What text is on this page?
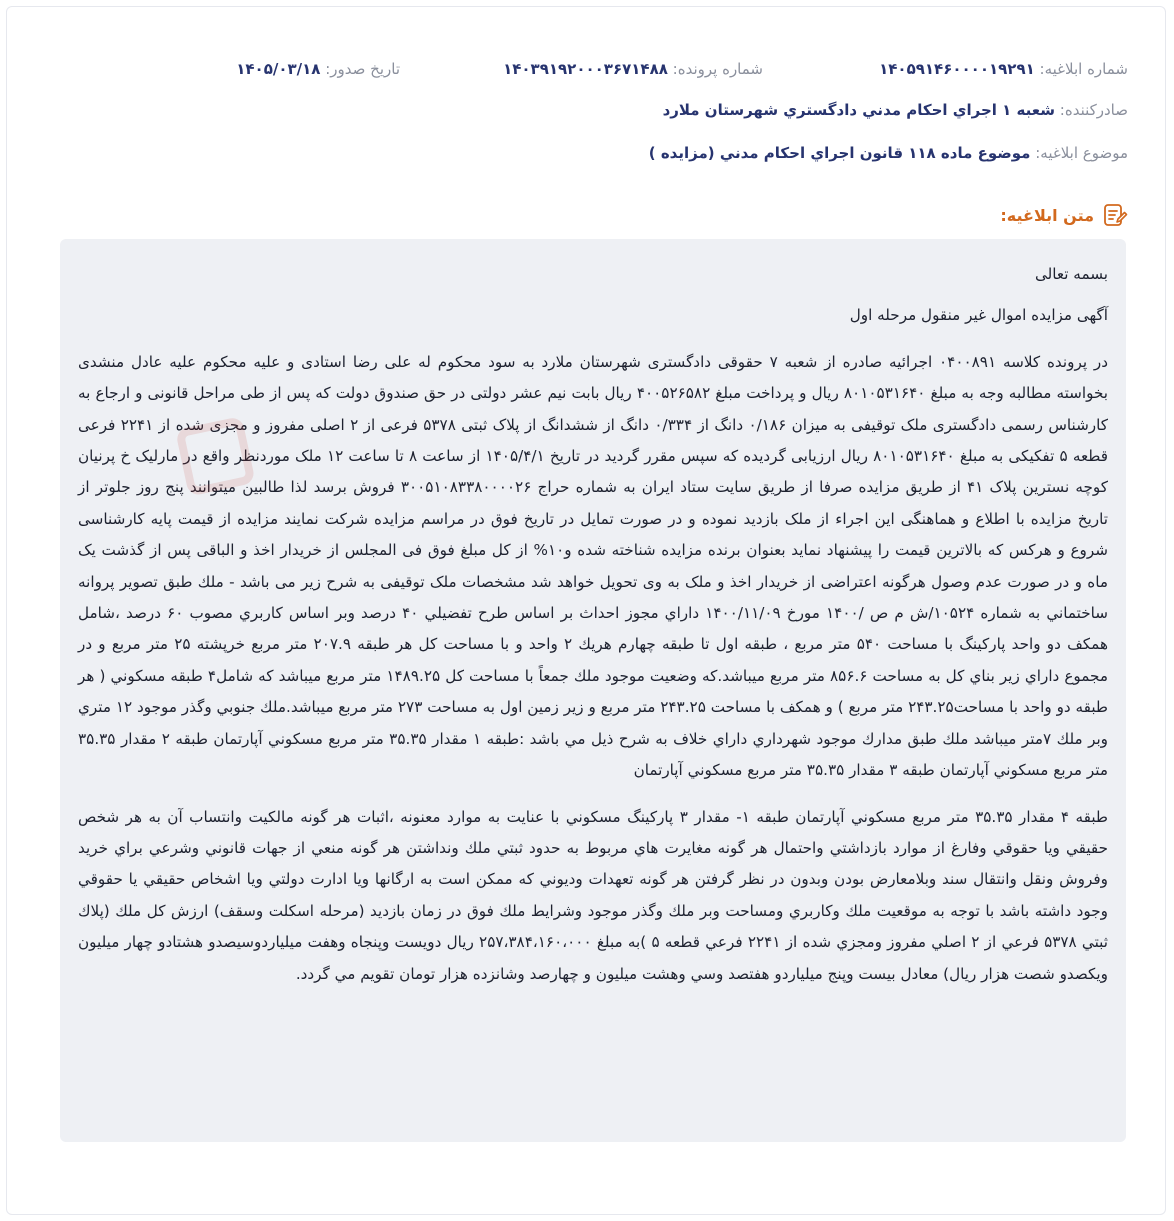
شماره ابلاغیه: ۱۴۰۵۹۱۴۶۰۰۰۰۱۹۲۹۱
شماره پرونده: ۱۴۰۳۹۱۹۲۰۰۰۳۶۷۱۴۸۸
تاریخ صدور: ۱۴۰۵/۰۳/۱۸
صادرکننده: شعبه ۱ اجراي احكام مدني دادگستري شهرستان ملارد
موضوع ابلاغیه: موضوع ماده ۱۱۸ قانون اجراي احكام مدني (مزايده )
متن ابلاغیه:

بسمه تعالی

آگهی مزایده اموال غیر منقول مرحله اول

در پرونده کلاسه ۰۴۰۰۸۹۱ اجرائیه صادره از شعبه ۷ حقوقی دادگستری شهرستان ملارد به سود محکوم له علی رضا استادی و علیه محکوم علیه عادل منشدی بخواسته مطالبه وجه به مبلغ ۸۰۱۰۵۳۱۶۴۰ ریال و پرداخت مبلغ ۴۰۰۵۲۶۵۸۲ ریال بابت نیم عشر دولتی در حق صندوق دولت که پس از طی مراحل قانونی و ارجاع به کارشناس رسمی دادگستری ملک توقیفی به میزان ۰/۱۸۶ دانگ از ۰/۳۳۴ دانگ از ششدانگ از پلاک ثبتی ۵۳۷۸ فرعی از ۲ اصلی مفروز و مجزی شده از ۲۲۴۱ فرعی قطعه ۵ تفکیکی به مبلغ ۸۰۱۰۵۳۱۶۴۰ ریال ارزیابی گردیده که سپس مقرر گردید در تاریخ ۱۴۰۵/۴/۱ از ساعت ۸ تا ساعت ۱۲ ملک موردنظر واقع در مارلیک خ پرنیان کوچه نسترین پلاک ۴۱ از طریق مزایده صرفا از طریق سایت ستاد ایران به شماره حراج ۳۰۰۵۱۰۸۳۳۸۰۰۰۰۲۶ فروش برسد لذا طالبین میتوانند پنج روز جلوتر از تاریخ مزایده با اطلاع و هماهنگی این اجراء از ملک بازدید نموده و در صورت تمایل در تاریخ فوق در مراسم مزایده شرکت نمایند مزایده از قیمت پایه کارشناسی شروع و هرکس که بالاترین قیمت را پیشنهاد نماید بعنوان برنده مزایده شناخته شده و۱۰% از کل مبلغ فوق فی المجلس از خریدار اخذ و الباقی پس از گذشت یک ماه و در صورت عدم وصول هرگونه اعتراضی از خریدار اخذ و ملک به وی تحویل خواهد شد مشخصات ملک توقیفی به شرح زیر می باشد - ملك طبق تصوير پروانه ساختماني به شماره ۱۰۵۲۴/ش م ص /۱۴۰۰ مورخ ۱۴۰۰/۱۱/۰۹ داراي مجوز احداث بر اساس طرح تفضيلي ۴۰ درصد وبر اساس كاربري مصوب ۶۰ درصد ،شامل همكف دو واحد پاركينگ با مساحت ۵۴۰ متر مربع ، طبقه اول تا طبقه چهارم هريك ۲ واحد و با مساحت كل هر طبقه ۲۰۷.۹ متر مربع خرپشته ۲۵ متر مربع و در مجموع داراي زير بناي كل به مساحت ۸۵۶.۶ متر مربع ميباشد.كه وضعيت موجود ملك جمعاً با مساحت كل ۱۴۸۹.۲۵ متر مربع ميباشد كه شامل۴ طبقه مسكوني ( هر طبقه دو واحد با مساحت۲۴۳.۲۵ متر مربع ) و همكف با مساحت ۲۴۳.۲۵ متر مربع و زير زمين اول به مساحت ۲۷۳ متر مربع ميباشد.ملك جنوبي وگذر موجود ۱۲ متري وبر ملك ۷متر ميباشد ملك طبق مدارك موجود شهرداري داراي خلاف به شرح ذيل مي باشد :طبقه ۱ مقدار ۳۵.۳۵ متر مربع مسكوني آپارتمان طبقه ۲ مقدار ۳۵.۳۵ متر مربع مسكوني آپارتمان طبقه ۳ مقدار ۳۵.۳۵ متر مربع مسكوني آپارتمان

طبقه ۴ مقدار ۳۵.۳۵ متر مربع مسكوني آپارتمان طبقه ۱- مقدار ۳ پاركينگ مسكوني با عنايت به موارد معنونه ،اثبات هر گونه مالكيت وانتساب آن به هر شخص حقيقي ويا حقوقي وفارغ از موارد بازداشتي واحتمال هر گونه مغايرت هاي مربوط به حدود ثبتي ملك ونداشتن هر گونه منعي از جهات قانوني وشرعي براي خريد وفروش ونقل وانتقال سند وبلامعارض بودن وبدون در نظر گرفتن هر گونه تعهدات وديوني كه ممكن است به ارگانها ويا ادارت دولتي ويا اشخاص حقيقي يا حقوقي وجود داشته باشد با توجه به موقعيت ملك وكاربري ومساحت وبر ملك وگذر موجود وشرايط ملك فوق در زمان بازديد (مرحله اسكلت وسقف) ارزش كل ملك (پلاك ثبتي ۵۳۷۸ فرعي از ۲ اصلي مفروز ومجزي شده از ۲۲۴۱ فرعي قطعه ۵ )به مبلغ ۲۵۷،۳۸۴،۱۶۰،۰۰۰ ريال دويست وپنجاه وهفت ميلياردوسيصدو هشتادو چهار ميليون ويكصدو شصت هزار ريال) معادل بيست وپنج ميلياردو هفتصد وسي وهشت ميليون و چهارصد وشانزده هزار تومان تقويم مي گردد.
